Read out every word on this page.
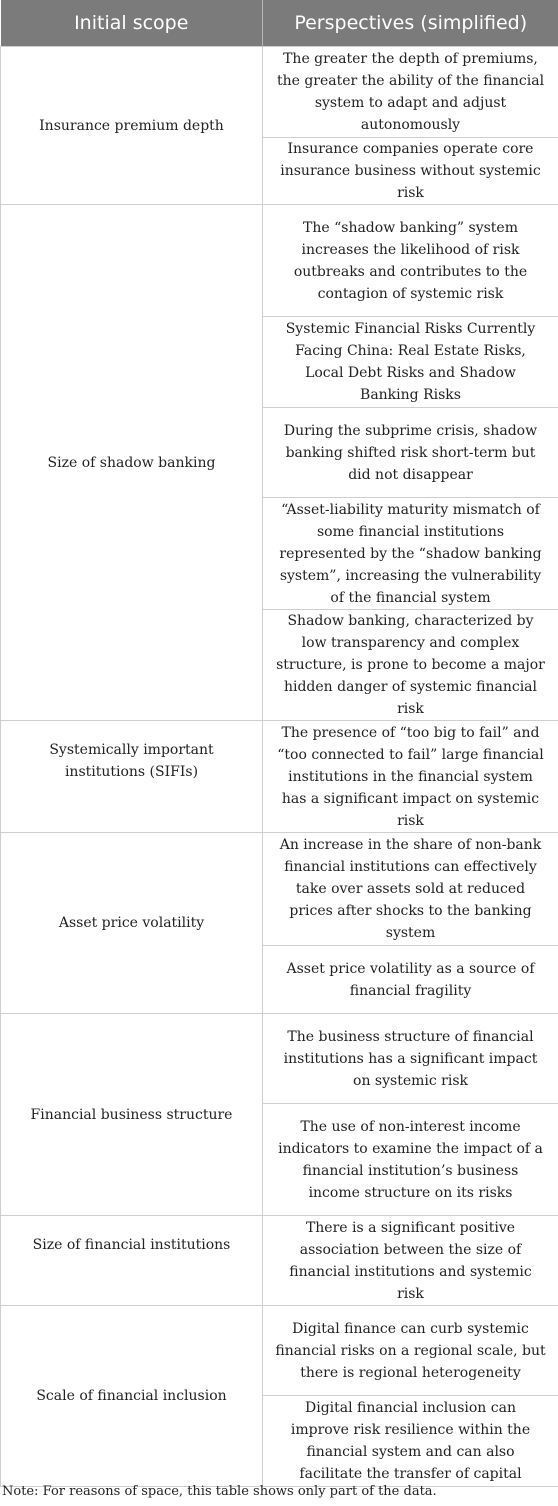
Initial scope	Perspectives (simplified)
Insurance premium depth	The greater the depth of premiums, the greater the ability of the financial system to adapt and adjust autonomously
	Insurance companies operate core insurance business without systemic risk
Size of shadow banking	The “shadow banking” system increases the likelihood of risk outbreaks and contributes to the contagion of systemic risk
	Systemic Financial Risks Currently Facing China: Real Estate Risks, Local Debt Risks and Shadow Banking Risks
	During the subprime crisis, shadow banking shifted risk short-term but did not disappear
	“Asset-liability maturity mismatch of some financial institutions represented by the “shadow banking system”, increasing the vulnerability of the financial system
	Shadow banking, characterized by low transparency and complex structure, is prone to become a major hidden danger of systemic financial risk
Systemically important institutions (SIFIs)	The presence of “too big to fail” and “too connected to fail” large financial institutions in the financial system has a significant impact on systemic risk
Asset price volatility	An increase in the share of non-bank financial institutions can effectively take over assets sold at reduced prices after shocks to the banking system
	Asset price volatility as a source of financial fragility
Financial business structure	The business structure of financial institutions has a significant impact on systemic risk
	The use of non-interest income indicators to examine the impact of a financial institution’s business income structure on its risks
Size of financial institutions	There is a significant positive association between the size of financial institutions and systemic risk
Scale of financial inclusion	Digital finance can curb systemic financial risks on a regional scale, but there is regional heterogeneity
	Digital financial inclusion can improve risk resilience within the financial system and can also facilitate the transfer of capital
Note: For reasons of space, this table shows only part of the data.
